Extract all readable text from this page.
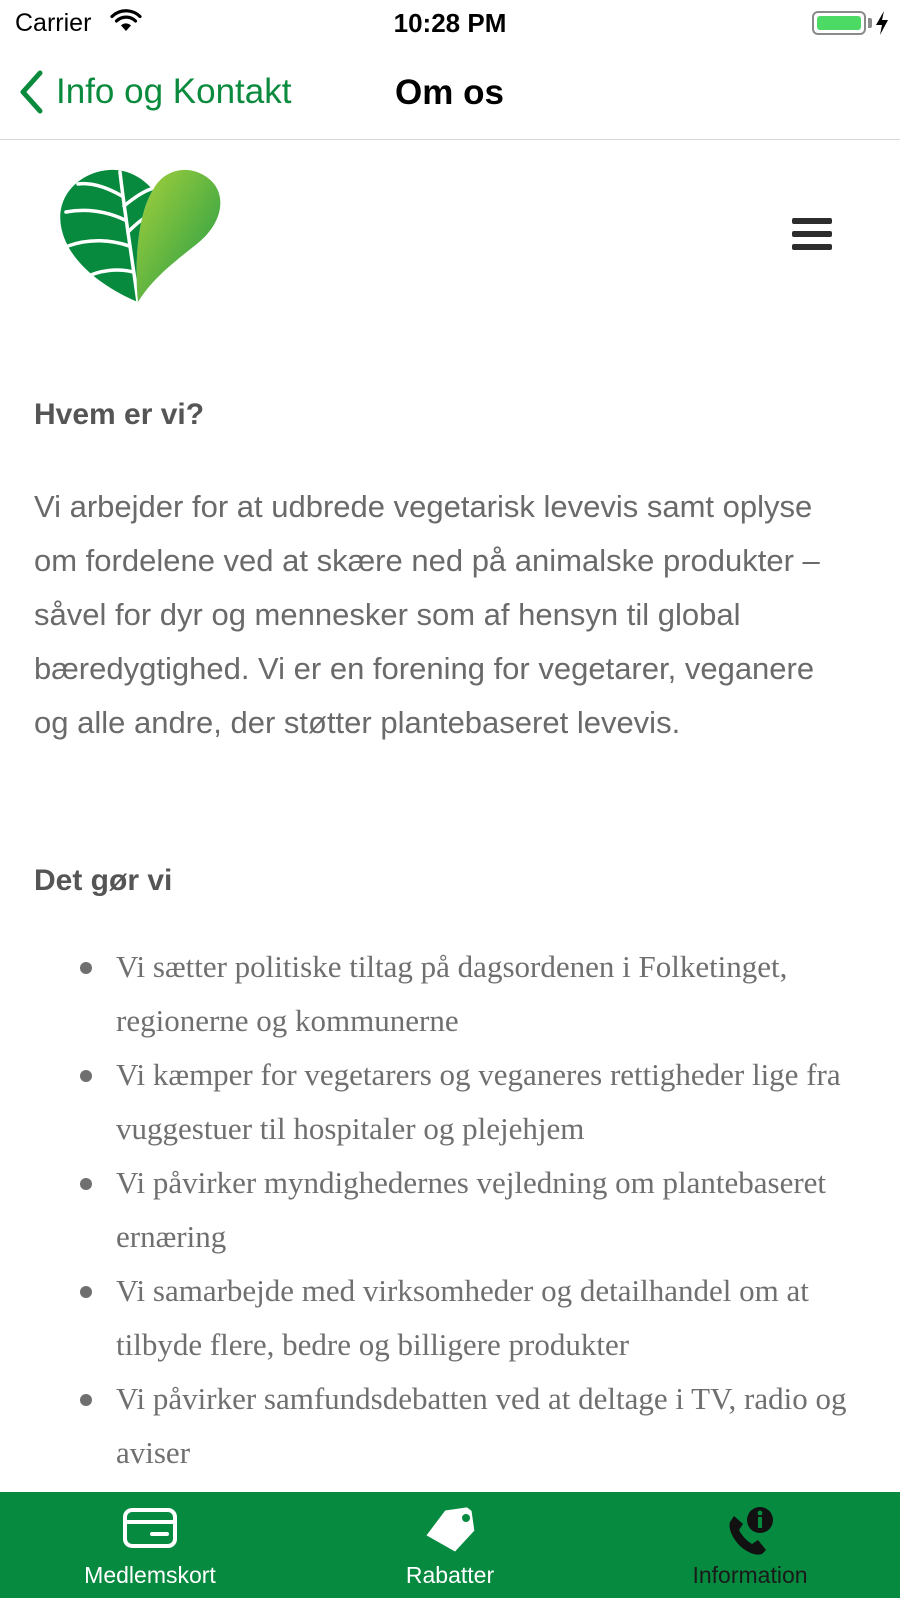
Carrier	10:28 PM
Info og Kontakt	Om os
Hvem er vi?

Vi arbejder for at udbrede vegetarisk levevis samt oplyse om fordelene ved at skære ned på animalske produkter – såvel for dyr og mennesker som af hensyn til global bæredygtighed. Vi er en forening for vegetarer, veganere og alle andre, der støtter plantebaseret levevis.

Det gør vi
Vi sætter politiske tiltag på dagsordenen i Folketinget, regionerne og kommunerne
Vi kæmper for vegetarers og veganeres rettigheder lige fra vuggestuer til hospitaler og plejehjem
Vi påvirker myndighedernes vejledning om plantebaseret ernæring
Vi samarbejde med virksomheder og detailhandel om at tilbyde flere, bedre og billigere produkter
Vi påvirker samfundsdebatten ved at deltage i TV, radio og aviser
Medlemskort	Rabatter	Information
